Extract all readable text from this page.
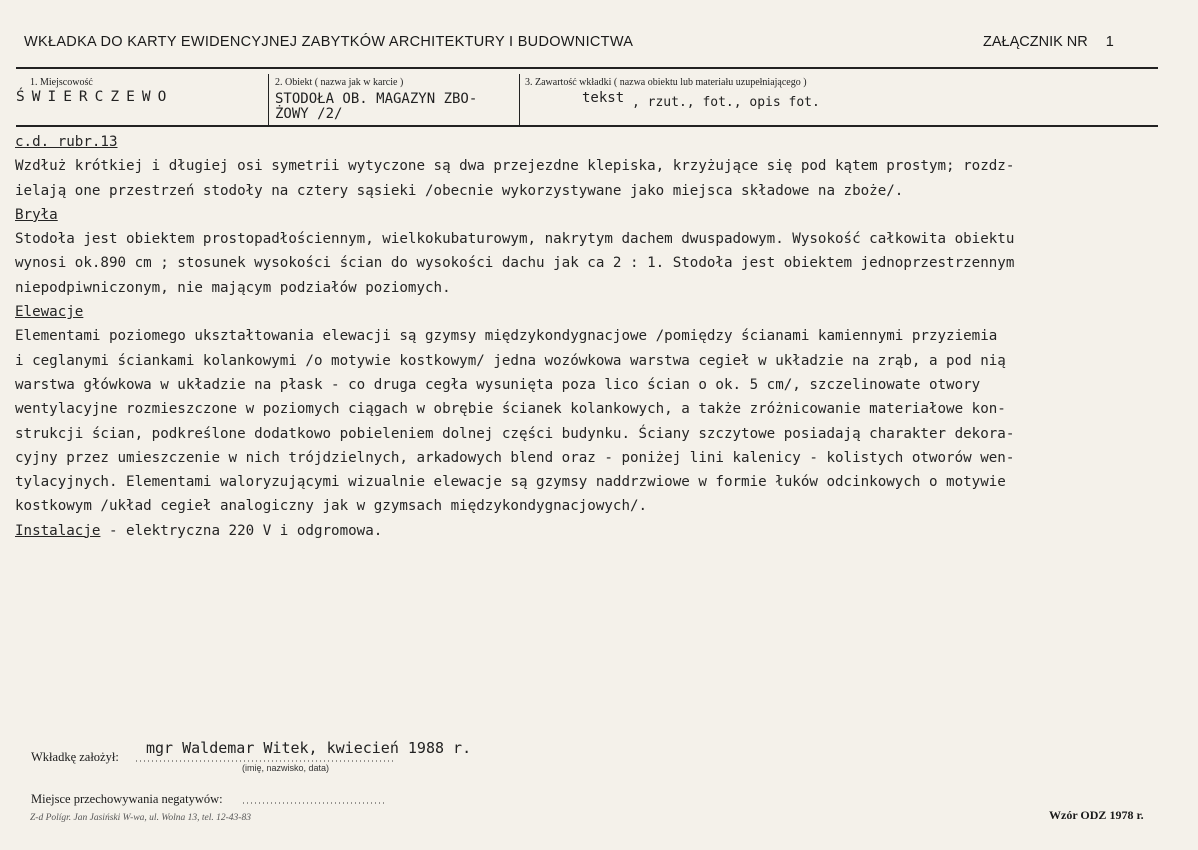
WKŁADKA DO KARTY EWIDENCYJNEJ ZABYTKÓW ARCHITEKTURY I BUDOWNICTWA	ZAŁĄCZNIK NR 1
1. Miejscowość
ŚWIERCZEWO
2. Obiekt ( nazwa jak w karcie )
STODOŁA OB. MAGAZYN ZBO-
ŻOWY /2/
3. Zawartość wkładki ( nazwa obiektu lub materiału uzupełniającego )
tekst , rzut., fot., opis fot.
c.d. rubr.13
Wzdłuż krótkiej i długiej osi symetrii wytyczone są dwa przejezdne klepiska, krzyżujące się pod kątem prostym; rozdz-
ielają one przestrzeń stodoły na cztery sąsieki /obecnie wykorzystywane jako miejsca składowe na zboże/.
Bryła
Stodoła jest obiektem prostopadłościennym, wielkokubaturowym, nakrytym dachem dwuspadowym. Wysokość całkowita obiektu
wynosi ok.890 cm ; stosunek wysokości ścian do wysokości dachu jak ca 2 : 1. Stodoła jest obiektem jednoprzestrzennym
niepodpiwniczonym, nie mającym podziałów poziomych.
Elewacje
Elementami poziomego ukształtowania elewacji są gzymsy międzykondygnacjowe /pomiędzy ścianami kamiennymi przyziemia
i ceglanymi ściankami kolankowymi /o motywie kostkowym/ jedna wozówkowa warstwa cegieł w układzie na zrąb, a pod nią
warstwa główkowa w układzie na płask - co druga cegła wysunięta poza lico ścian o ok. 5 cm/, szczelinowate otwory
wentylacyjne rozmieszczone w poziomych ciągach w obrębie ścianek kolankowych, a także zróżnicowanie materiałowe kon-
strukcji ścian, podkreślone dodatkowo pobieleniem dolnej części budynku. Ściany szczytowe posiadają charakter dekora-
cyjny przez umieszczenie w nich trójdzielnych, arkadowych blend oraz - poniżej lini kalenicy - kolistych otworów wen-
tylacyjnych. Elementami waloryzującymi wizualnie elewacje są gzymsy naddrzwiowe w formie łuków odcinkowych o motywie
kostkowym /układ cegieł analogiczny jak w gzymsach międzykondygnacjowych/.
Instalacje - elektryczna 220 V i odgromowa.
Wkładkę założył: mgr Waldemar Witek, kwiecień 1988 r.
(imię, nazwisko, data)
Miejsce przechowywania negatywów:
Z-d Polígr. Jan Jasiński W-wa, ul. Wolna 13, tel. 12-43-83	Wzór ODZ 1978 r.
